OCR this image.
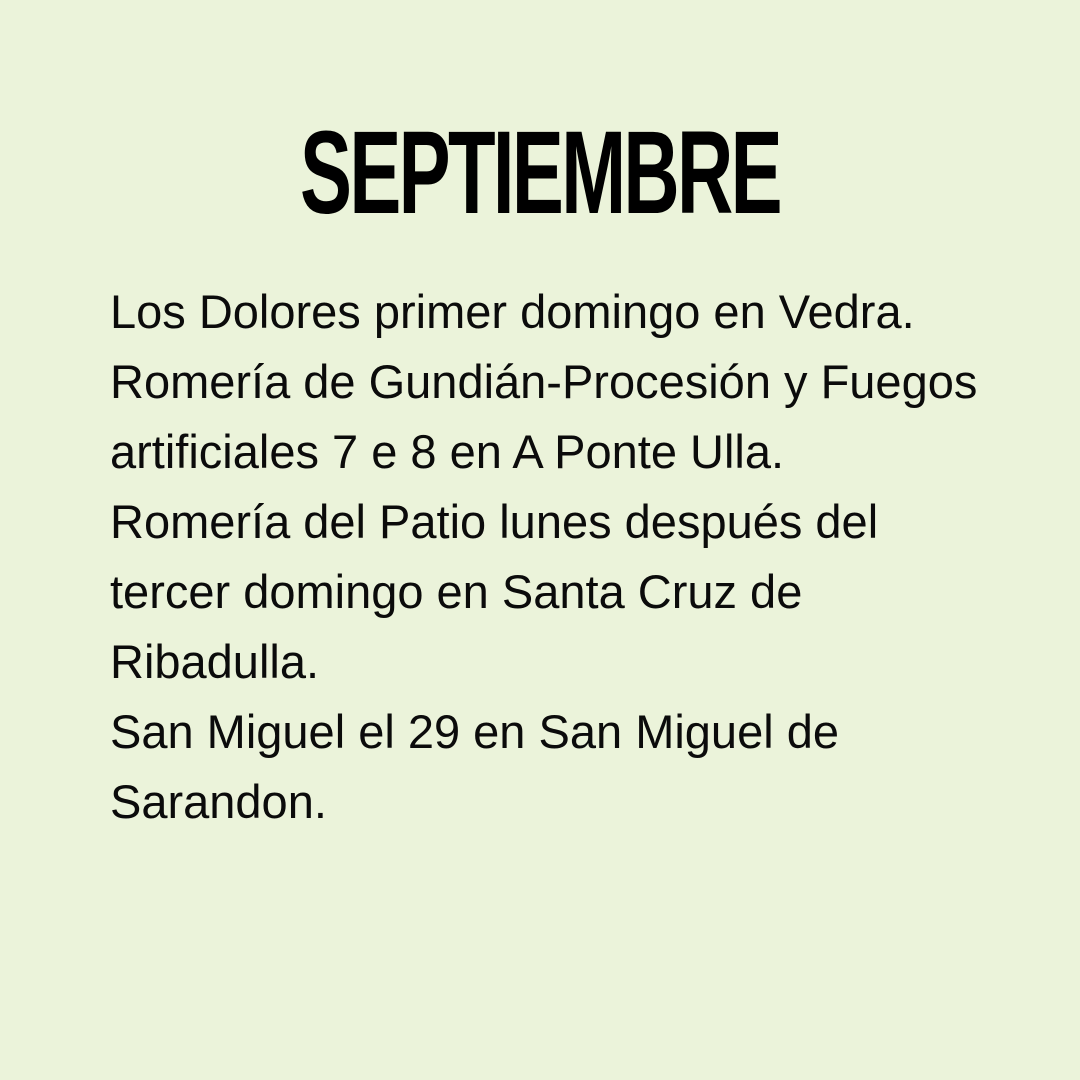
SEPTIEMBRE

Los Dolores primer domingo en Vedra.

Romería de Gundián-Procesión y Fuegos artificiales 7 e 8 en A Ponte Ulla.

Romería del Patio lunes después del tercer domingo en Santa Cruz de Ribadulla.

San Miguel el 29 en San Miguel de Sarandon.
